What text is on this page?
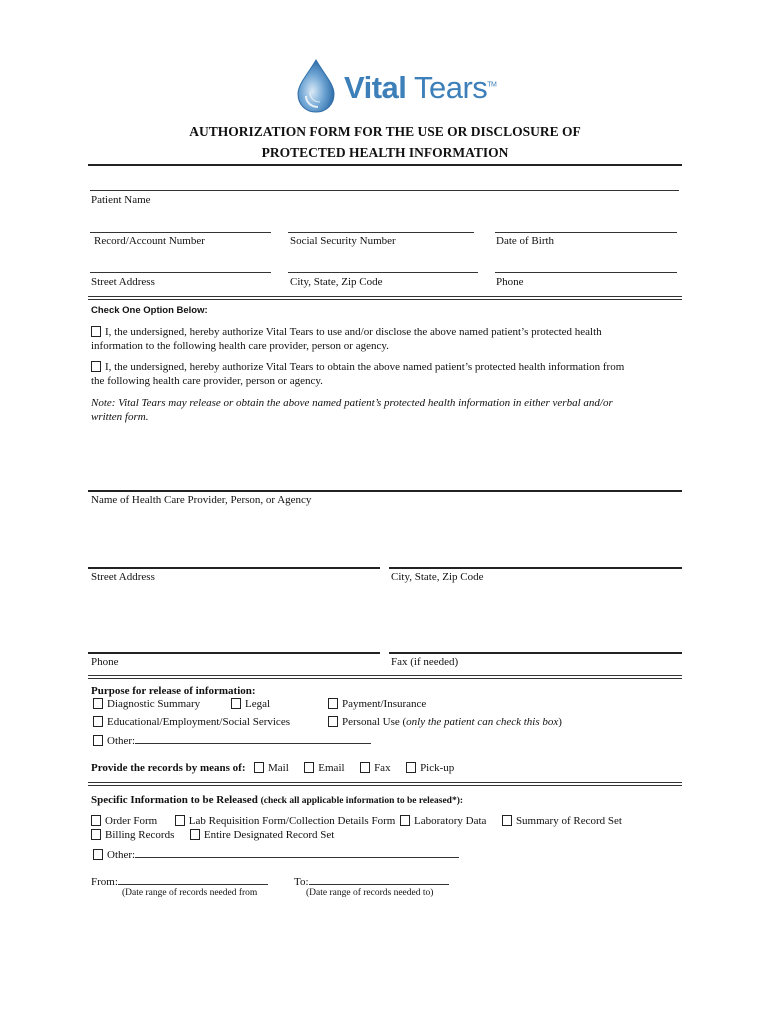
Vital Tears™
AUTHORIZATION FORM FOR THE USE OR DISCLOSURE OF
PROTECTED HEALTH INFORMATION
Patient Name
Record/Account Number	Social Security Number	Date of Birth
Street Address	City, State, Zip Code	Phone
Check One Option Below:
I, the undersigned, hereby authorize Vital Tears to use and/or disclose the above named patient’s protected health
information to the following health care provider, person or agency.
I, the undersigned, hereby authorize Vital Tears to obtain the above named patient’s protected health information from
the following health care provider, person or agency.
Note: Vital Tears may release or obtain the above named patient’s protected health information in either verbal and/or
written form.
Name of Health Care Provider, Person, or Agency
Street Address	City, State, Zip Code
Phone	Fax (if needed)
Purpose for release of information:
Diagnostic Summary	Legal	Payment/Insurance
Educational/Employment/Social Services	Personal Use (only the patient can check this box)
Other:
Provide the records by means of: Mail	Email	Fax	Pick-up
Specific Information to be Released (check all applicable information to be released*):
Order Form	Lab Requisition Form/Collection Details Form Laboratory Data	Summary of Record Set
Billing Records	Entire Designated Record Set
Other:
From:	To:
(Date range of records needed from	(Date range of records needed to)
